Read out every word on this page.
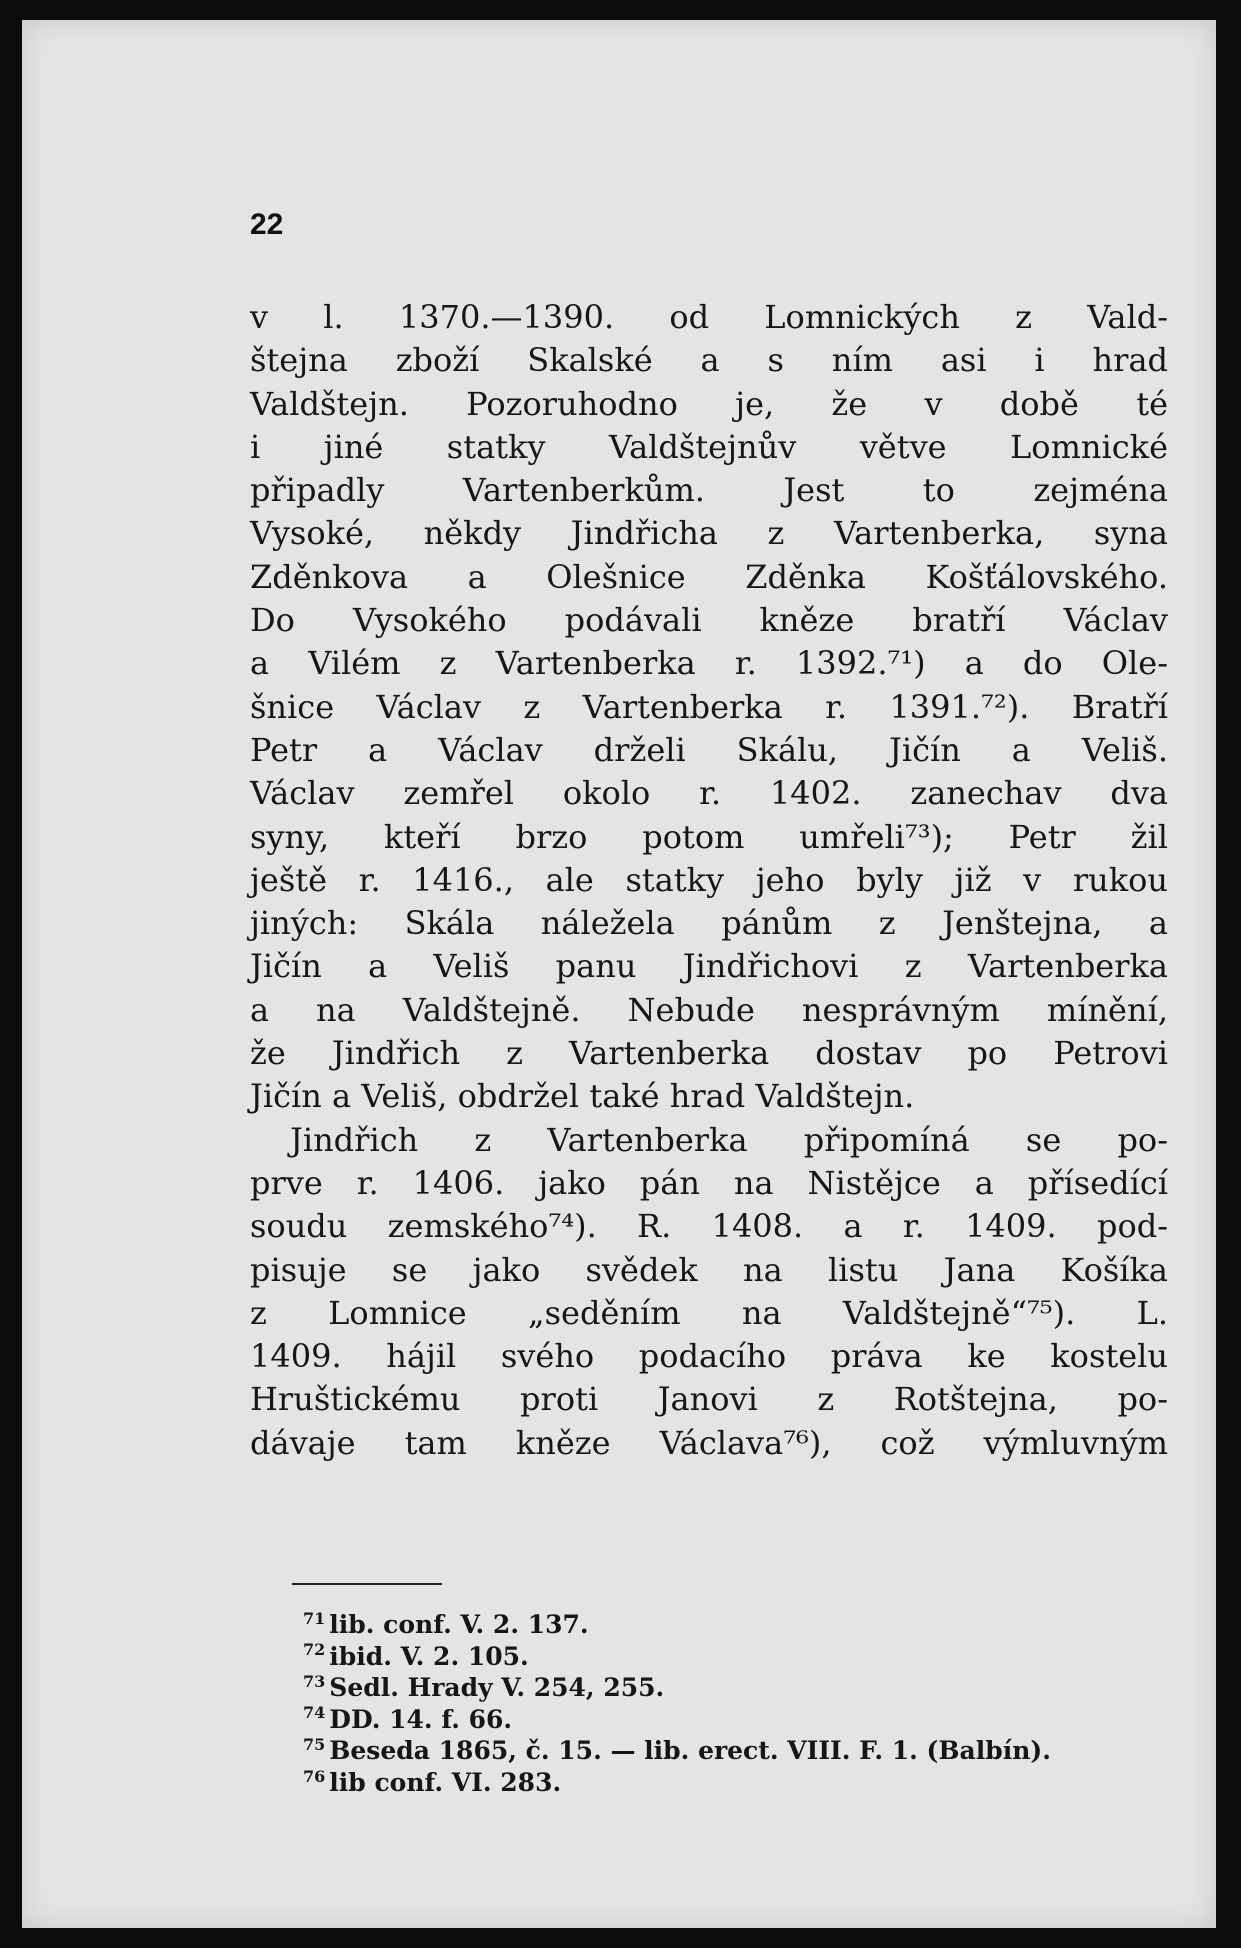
22
v l. 1370.—1390. od Lomnických z Vald-
štejna zboží Skalské a s ním asi i hrad
Valdštejn. Pozoruhodno je, že v době té
i jiné statky Valdštejnův větve Lomnické
připadly Vartenberkům. Jest to zejména
Vysoké, někdy Jindřicha z Vartenberka, syna
Zděnkova a Olešnice Zděnka Košťálovského.
Do Vysokého podávali kněze bratří Václav
a Vilém z Vartenberka r. 1392.⁷¹) a do Ole-
šnice Václav z Vartenberka r. 1391.⁷²). Bratří
Petr a Václav drželi Skálu, Jičín a Veliš.
Václav zemřel okolo r. 1402. zanechav dva
syny, kteří brzo potom umřeli⁷³); Petr žil
ještě r. 1416., ale statky jeho byly již v rukou
jiných: Skála náležela pánům z Jenštejna, a
Jičín a Veliš panu Jindřichovi z Vartenberka
a na Valdštejně. Nebude nesprávným mínění,
že Jindřich z Vartenberka dostav po Petrovi
Jičín a Veliš, obdržel také hrad Valdštejn.
Jindřich z Vartenberka připomíná se po-
prve r. 1406. jako pán na Nistějce a přísedící
soudu zemského⁷⁴). R. 1408. a r. 1409. pod-
pisuje se jako svědek na listu Jana Košíka
z Lomnice „seděním na Valdštejně“⁷⁵). L.
1409. hájil svého podacího práva ke kostelu
Hruštickému proti Janovi z Rotštejna, po-
dávaje tam kněze Václava⁷⁶), což výmluvným
$^{71}$ lib. conf. V. 2. 137.
$^{72}$ ibid. V. 2. 105.
$^{73}$ Sedl. Hrady V. 254, 255.
$^{74}$ DD. 14. f. 66.
$^{75}$ Beseda 1865, č. 15. — lib. erect. VIII. F. 1. (Balbín).
$^{76}$ lib conf. VI. 283.
